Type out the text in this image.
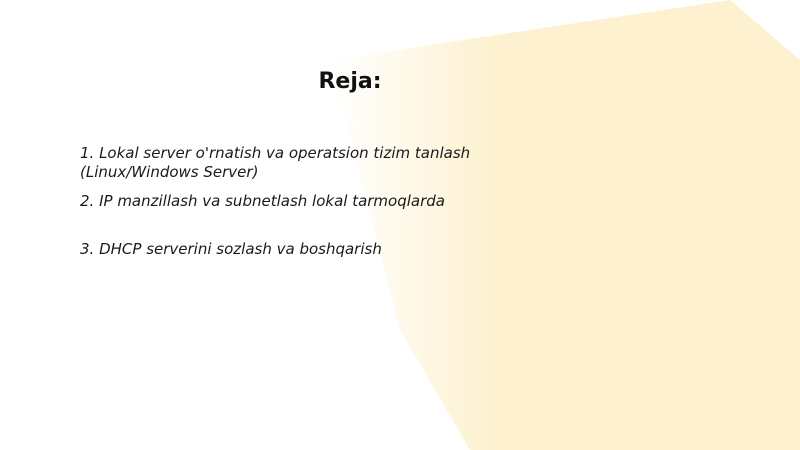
Reja:
1. Lokal server o'rnatish va operatsion tizim tanlash (Linux/Windows Server)
2. IP manzillash va subnetlash lokal tarmoqlarda
3. DHCP serverini sozlash va boshqarish
